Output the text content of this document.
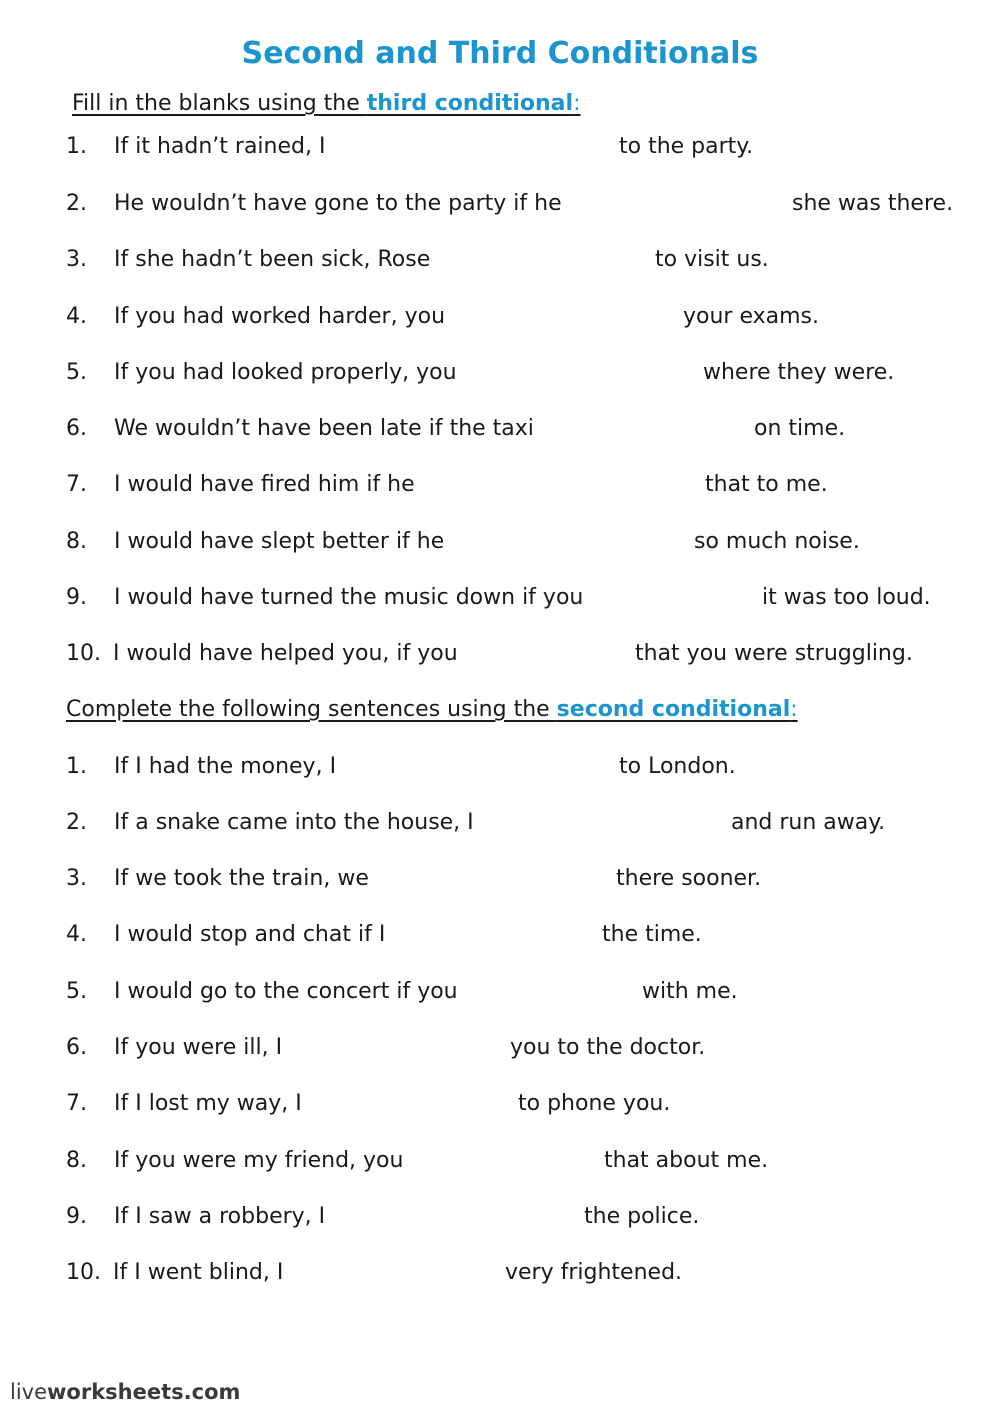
Second and Third Conditionals
Fill in the blanks using the third conditional:
1. If it hadn’t rained, I	to the party.
2. He wouldn’t have gone to the party if he	she was there.
3. If she hadn’t been sick, Rose	to visit us.
4. If you had worked harder, you	your exams.
5. If you had looked properly, you	where they were.
6. We wouldn’t have been late if the taxi	on time.
7. I would have fired him if he	that to me.
8. I would have slept better if he	so much noise.
9. I would have turned the music down if you	it was too loud.
10. I would have helped you, if you	that you were struggling.
Complete the following sentences using the second conditional:
1. If I had the money, I	to London.
2. If a snake came into the house, I	and run away.
3. If we took the train, we	there sooner.
4. I would stop and chat if I	the time.
5. I would go to the concert if you	with me.
6. If you were ill, I	you to the doctor.
7. If I lost my way, I	to phone you.
8. If you were my friend, you	that about me.
9. If I saw a robbery, I	the police.
10. If I went blind, I	very frightened.
liveworksheets.com
